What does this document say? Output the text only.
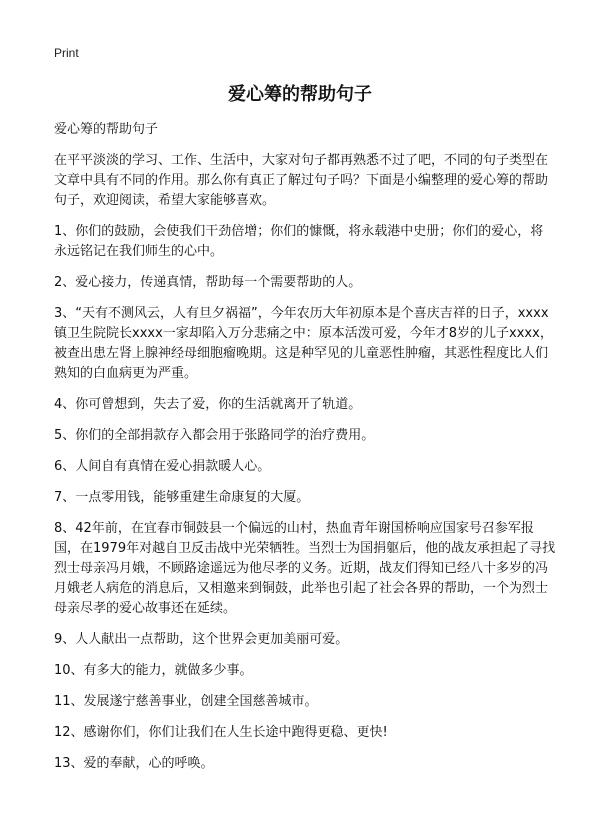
Print
爱心筹的帮助句子

爱心筹的帮助句子

在平平淡淡的学习、工作、生活中，大家对句子都再熟悉不过了吧，不同的句子类型在文章中具有不同的作用。那么你有真正了解过句子吗？下面是小编整理的爱心筹的帮助句子，欢迎阅读，希望大家能够喜欢。

1、你们的鼓励，会使我们干劲倍增；你们的慷慨，将永载港中史册；你们的爱心，将永远铭记在我们师生的心中。

2、爱心接力，传递真情，帮助每一个需要帮助的人。

3、“天有不测风云，人有旦夕祸福”，今年农历大年初原本是个喜庆吉祥的日子，xxxx 镇卫生院院长xxxx一家却陷入万分悲痛之中：原本活泼可爱，今年才8岁的儿子xxxx，被查出患左肾上腺神经母细胞瘤晚期。这是种罕见的儿童恶性肿瘤，其恶性程度比人们熟知的白血病更为严重。

4、你可曾想到，失去了爱，你的生活就离开了轨道。

5、你们的全部捐款存入都会用于张路同学的治疗费用。

6、人间自有真情在爱心捐款暖人心。

7、一点零用钱，能够重建生命康复的大厦。

8、42年前，在宜春市铜鼓县一个偏远的山村，热血青年谢国桥响应国家号召参军报国，在1979年对越自卫反击战中光荣牺牲。当烈士为国捐躯后，他的战友承担起了寻找烈士母亲冯月娥，不顾路途遥远为他尽孝的义务。近期，战友们得知已经八十多岁的冯月娥老人病危的消息后，又相邀来到铜鼓，此举也引起了社会各界的帮助，一个为烈士母亲尽孝的爱心故事还在延续。

9、人人献出一点帮助，这个世界会更加美丽可爱。

10、有多大的能力，就做多少事。

11、发展遂宁慈善事业，创建全国慈善城市。

12、感谢你们，你们让我们在人生长途中跑得更稳、更快!

13、爱的奉献，心的呼唤。
